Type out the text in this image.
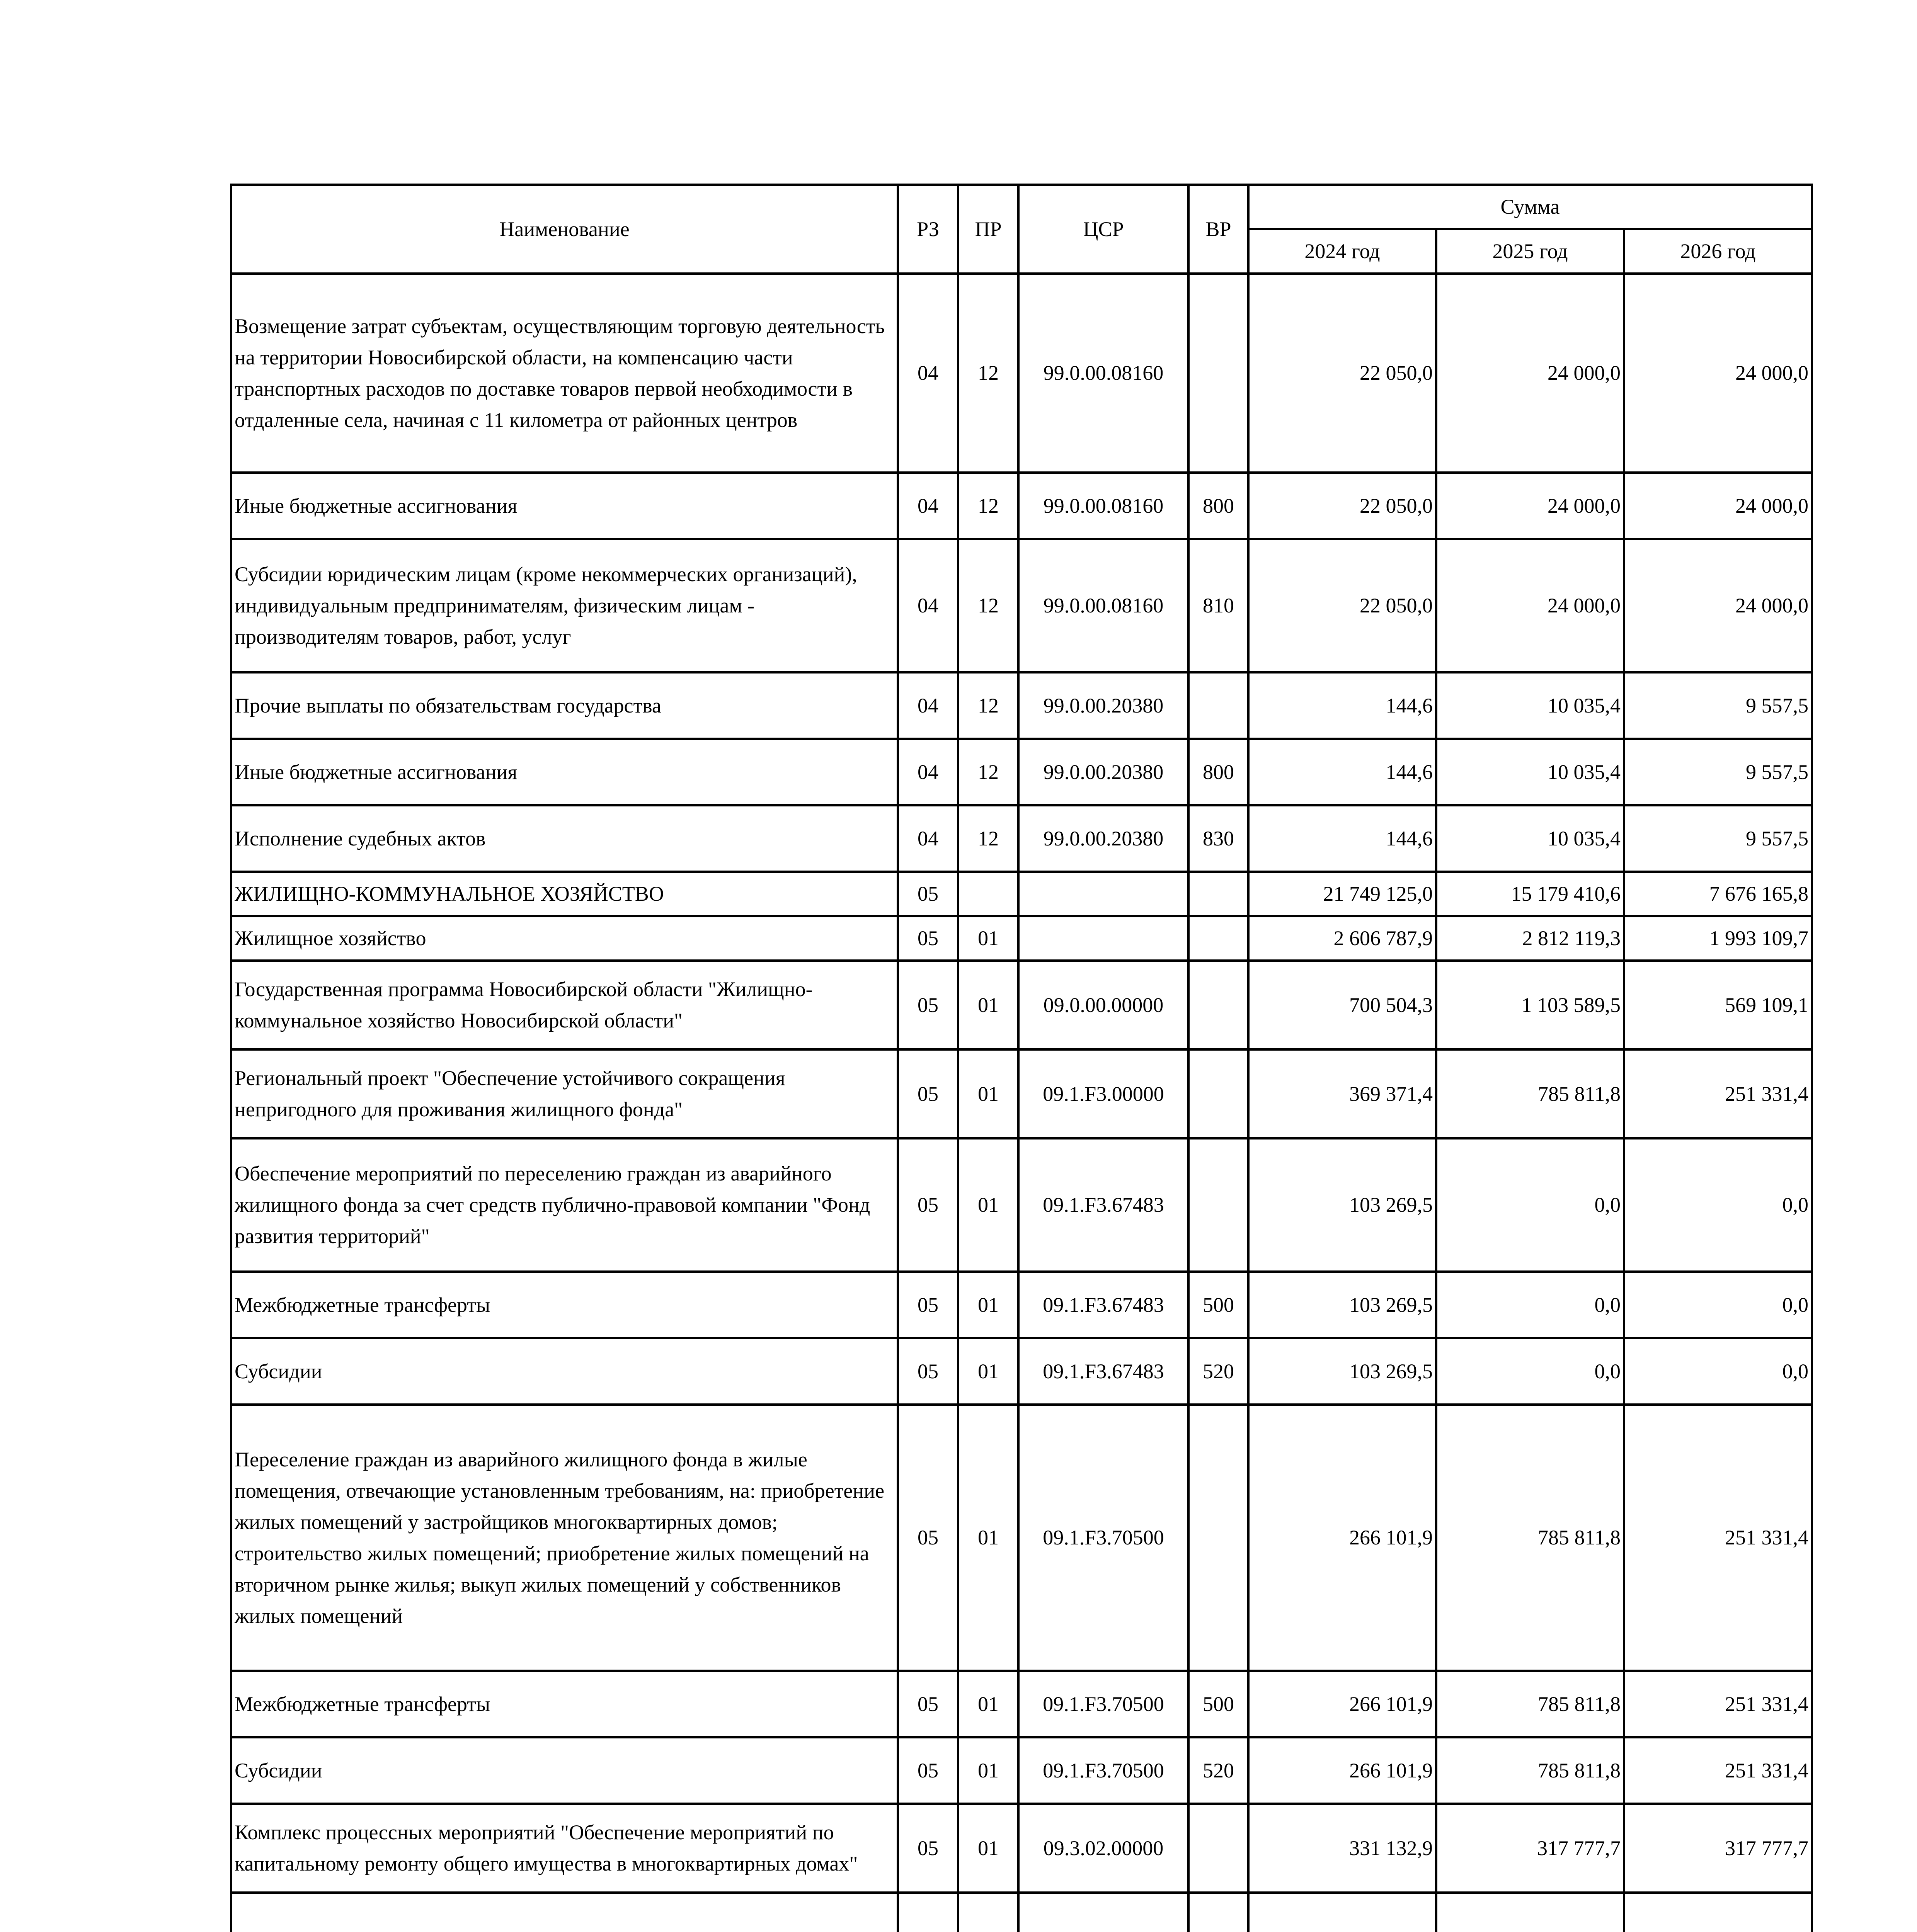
Наименование	РЗ	ПР	ЦСР	ВР	Сумма		
					2024 год	2025 год	2026 год
Возмещение затрат субъектам, осуществляющим торговую деятельность на территории Новосибирской области, на компенсацию части транспортных расходов по доставке товаров первой необходимости в отдаленные села, начиная с 11 километра от районных центров	04	12	99.0.00.08160		22 050,0	24 000,0	24 000,0
Иные бюджетные ассигнования	04	12	99.0.00.08160	800	22 050,0	24 000,0	24 000,0
Субсидии юридическим лицам (кроме некоммерческих организаций), индивидуальным предпринимателям, физическим лицам - производителям товаров, работ, услуг	04	12	99.0.00.08160	810	22 050,0	24 000,0	24 000,0
Прочие выплаты по обязательствам государства	04	12	99.0.00.20380		144,6	10 035,4	9 557,5
Иные бюджетные ассигнования	04	12	99.0.00.20380	800	144,6	10 035,4	9 557,5
Исполнение судебных актов	04	12	99.0.00.20380	830	144,6	10 035,4	9 557,5
ЖИЛИЩНО-КОММУНАЛЬНОЕ ХОЗЯЙСТВО	05				21 749 125,0	15 179 410,6	7 676 165,8
Жилищное хозяйство	05	01			2 606 787,9	2 812 119,3	1 993 109,7
Государственная программа Новосибирской области "Жилищно-коммунальное хозяйство Новосибирской области"	05	01	09.0.00.00000		700 504,3	1 103 589,5	569 109,1
Региональный проект "Обеспечение устойчивого сокращения непригодного для проживания жилищного фонда"	05	01	09.1.F3.00000		369 371,4	785 811,8	251 331,4
Обеспечение мероприятий по переселению граждан из аварийного жилищного фонда за счет средств публично-правовой компании "Фонд развития территорий"	05	01	09.1.F3.67483		103 269,5	0,0	0,0
Межбюджетные трансферты	05	01	09.1.F3.67483	500	103 269,5	0,0	0,0
Субсидии	05	01	09.1.F3.67483	520	103 269,5	0,0	0,0
Переселение граждан из аварийного жилищного фонда в жилые помещения, отвечающие установленным требованиям, на: приобретение жилых помещений у застройщиков многоквартирных домов; строительство жилых помещений; приобретение жилых помещений на вторичном рынке жилья; выкуп жилых помещений у собственников жилых помещений	05	01	09.1.F3.70500		266 101,9	785 811,8	251 331,4
Межбюджетные трансферты	05	01	09.1.F3.70500	500	266 101,9	785 811,8	251 331,4
Субсидии	05	01	09.1.F3.70500	520	266 101,9	785 811,8	251 331,4
Комплекс процессных мероприятий "Обеспечение мероприятий по капитальному ремонту общего имущества в многоквартирных домах"	05	01	09.3.02.00000		331 132,9	317 777,7	317 777,7
